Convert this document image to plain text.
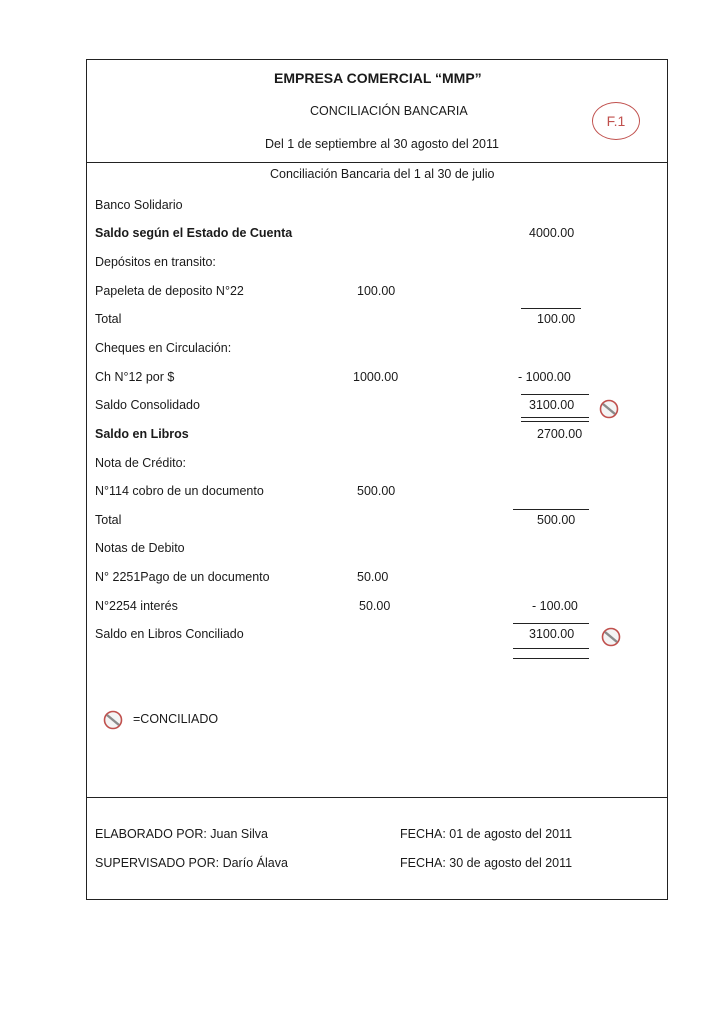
EMPRESA COMERCIAL “MMP”
CONCILIACIÓN BANCARIA
Del 1 de septiembre al 30 agosto del 2011
F.1
Conciliación Bancaria del 1 al 30 de julio
Banco Solidario
Saldo según el Estado de Cuenta	4000.00
Depósitos en transito:
Papeleta de deposito N°22	100.00
Total	100.00
Cheques en Circulación:
Ch N°12 por $	1000.00	- 1000.00
Saldo Consolidado	3100.00
Saldo en Libros	2700.00
Nota de Crédito:
N°114 cobro de un documento	500.00
Total	500.00
Notas de Debito
N° 2251Pago de un documento	50.00
N°2254 interés	50.00	- 100.00
Saldo en Libros Conciliado	3100.00
=CONCILIADO
ELABORADO POR: Juan Silva	FECHA: 01 de agosto del 2011
SUPERVISADO POR: Darío Álava	FECHA: 30 de agosto del 2011
